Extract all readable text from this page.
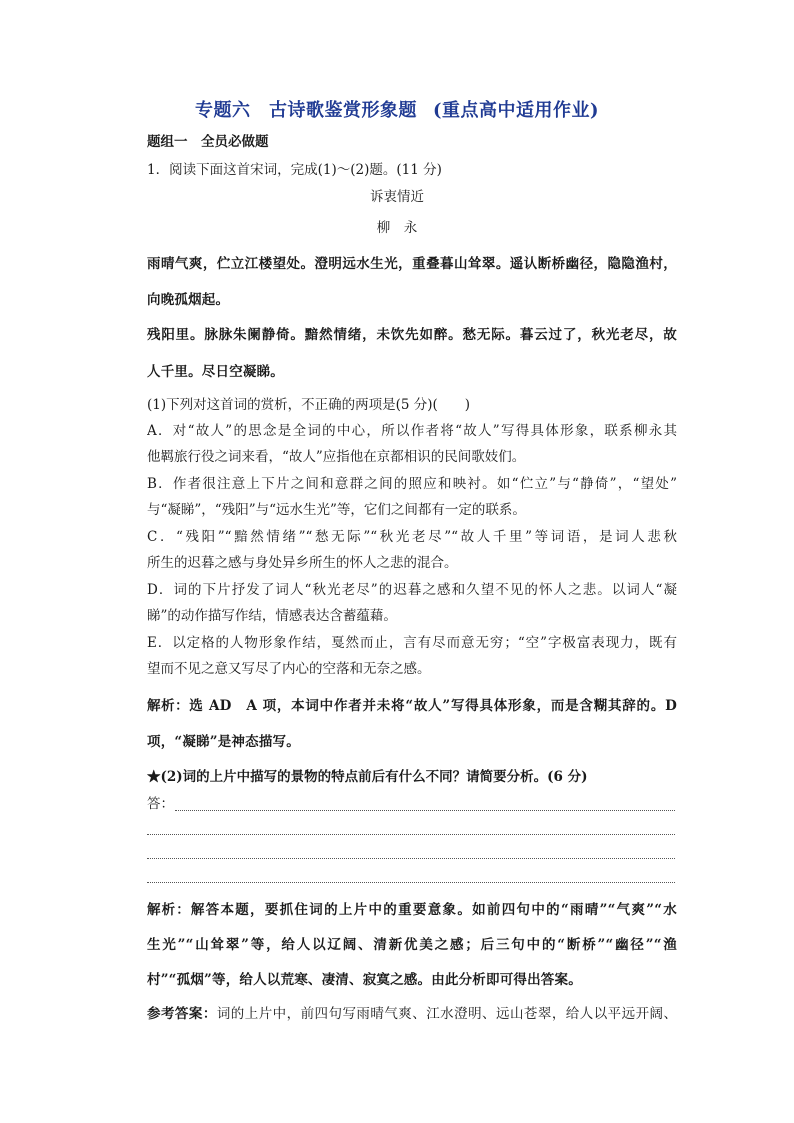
专题六　古诗歌鉴赏形象题 (重点高中适用作业)
题组一　全员必做题
1．阅读下面这首宋词，完成(1)～(2)题。(11 分)
诉衷情近
柳　永
雨晴气爽，伫立江楼望处。澄明远水生光，重叠暮山耸翠。遥认断桥幽径，隐隐渔村，
向晚孤烟起。
残阳里。脉脉朱阑静倚。黯然情绪，未饮先如醉。愁无际。暮云过了，秋光老尽，故
人千里。尽日空凝睇。
(1)下列对这首词的赏析，不正确的两项是(5 分)(　　)
A．对“故人”的思念是全词的中心，所以作者将“故人”写得具体形象，联系柳永其
他羁旅行役之词来看，“故人”应指他在京都相识的民间歌妓们。
B．作者很注意上下片之间和意群之间的照应和映衬。如“伫立”与“静倚”，“望处”
与“凝睇”，“残阳”与“远水生光”等，它们之间都有一定的联系。
C．“残阳”“黯然情绪”“愁无际”“秋光老尽”“故人千里”等词语，是词人悲秋
所生的迟暮之感与身处异乡所生的怀人之悲的混合。
D．词的下片抒发了词人“秋光老尽”的迟暮之感和久望不见的怀人之悲。以词人“凝
睇”的动作描写作结，情感表达含蓄蕴藉。
E．以定格的人物形象作结，戛然而止，言有尽而意无穷；“空”字极富表现力，既有
望而不见之意又写尽了内心的空落和无奈之感。
解析：选 AD　A 项，本词中作者并未将“故人”写得具体形象，而是含糊其辞的。D
项，“凝睇”是神态描写。
★(2)词的上片中描写的景物的特点前后有什么不同？请简要分析。(6 分)
答：
解析：解答本题，要抓住词的上片中的重要意象。如前四句中的“雨晴”“气爽”“水
生光”“山耸翠”等，给人以辽阔、清新优美之感；后三句中的“断桥”“幽径”“渔
村”“孤烟”等，给人以荒寒、凄清、寂寞之感。由此分析即可得出答案。
参考答案：词的上片中，前四句写雨晴气爽、江水澄明、远山苍翠，给人以平远开阔、
